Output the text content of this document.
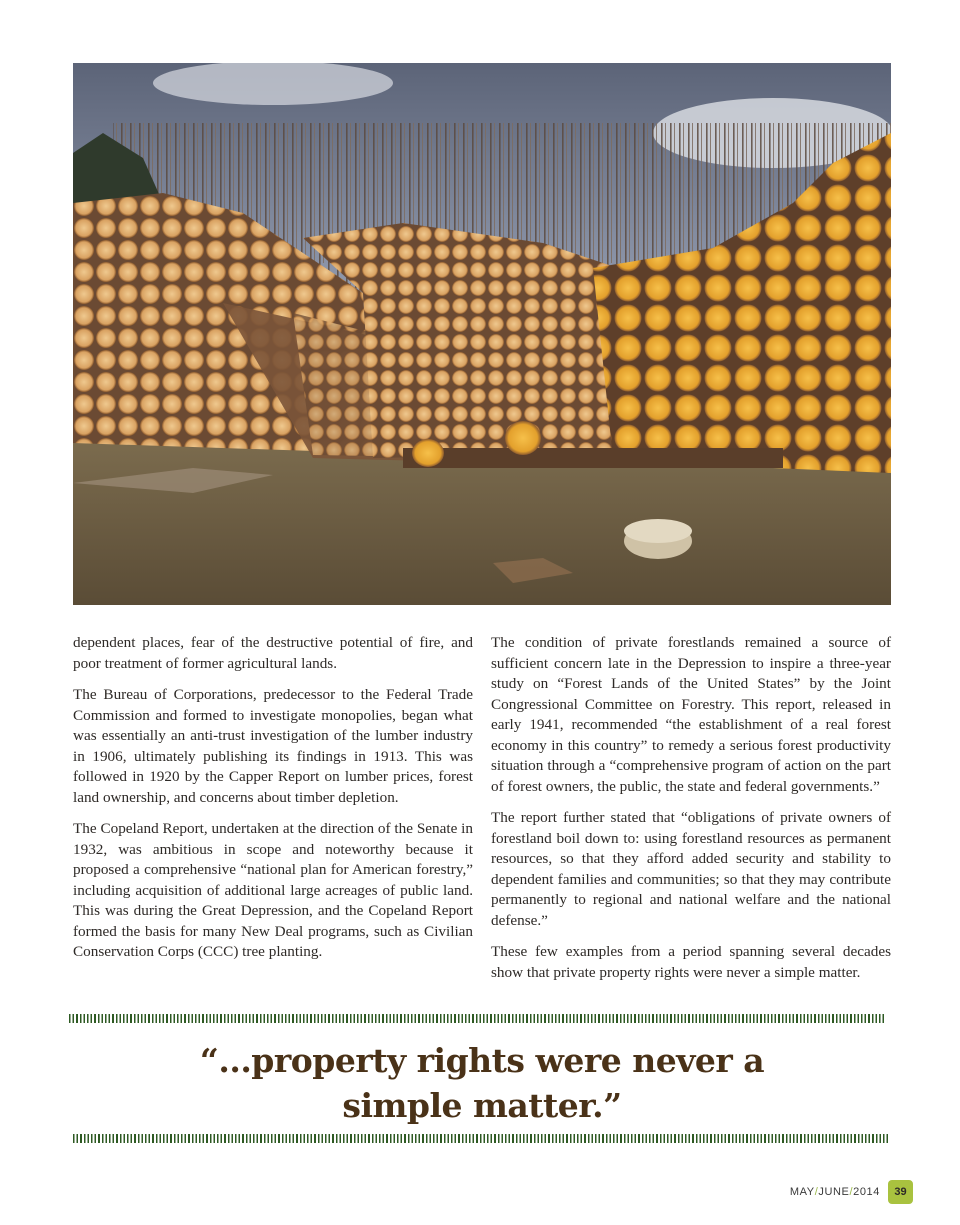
dependent places, fear of the destructive potential of fire, and poor treatment of former agricultural lands.

The Bureau of Corporations, predecessor to the Federal Trade Commission and formed to investigate monopolies, began what was essentially an anti-trust investigation of the lumber industry in 1906, ultimately publishing its findings in 1913. This was followed in 1920 by the Capper Report on lumber prices, forest land ownership, and concerns about timber depletion.

The Copeland Report, undertaken at the direction of the Senate in 1932, was ambitious in scope and noteworthy because it proposed a comprehensive “national plan for American forestry,” including acquisition of additional large acreages of public land. This was during the Great Depression, and the Copeland Report formed the basis for many New Deal programs, such as Civilian Conservation Corps (CCC) tree planting.

The condition of private forestlands remained a source of sufficient concern late in the Depression to inspire a three-year study on “Forest Lands of the United States” by the Joint Congressional Committee on Forestry. This report, released in early 1941, recommended “the establishment of a real forest economy in this country” to remedy a serious forest productivity situation through a “comprehensive program of action on the part of forest owners, the public, the state and federal governments.”

The report further stated that “obligations of private owners of forestland boil down to: using forestland resources as permanent resources, so that they afford added security and stability to dependent families and communities; so that they may contribute permanently to regional and national welfare and the national defense.”

These few examples from a period spanning several decades show that private property rights were never a simple matter.

“...property rights were never a
simple matter.”
MAY/JUNE/2014	39
